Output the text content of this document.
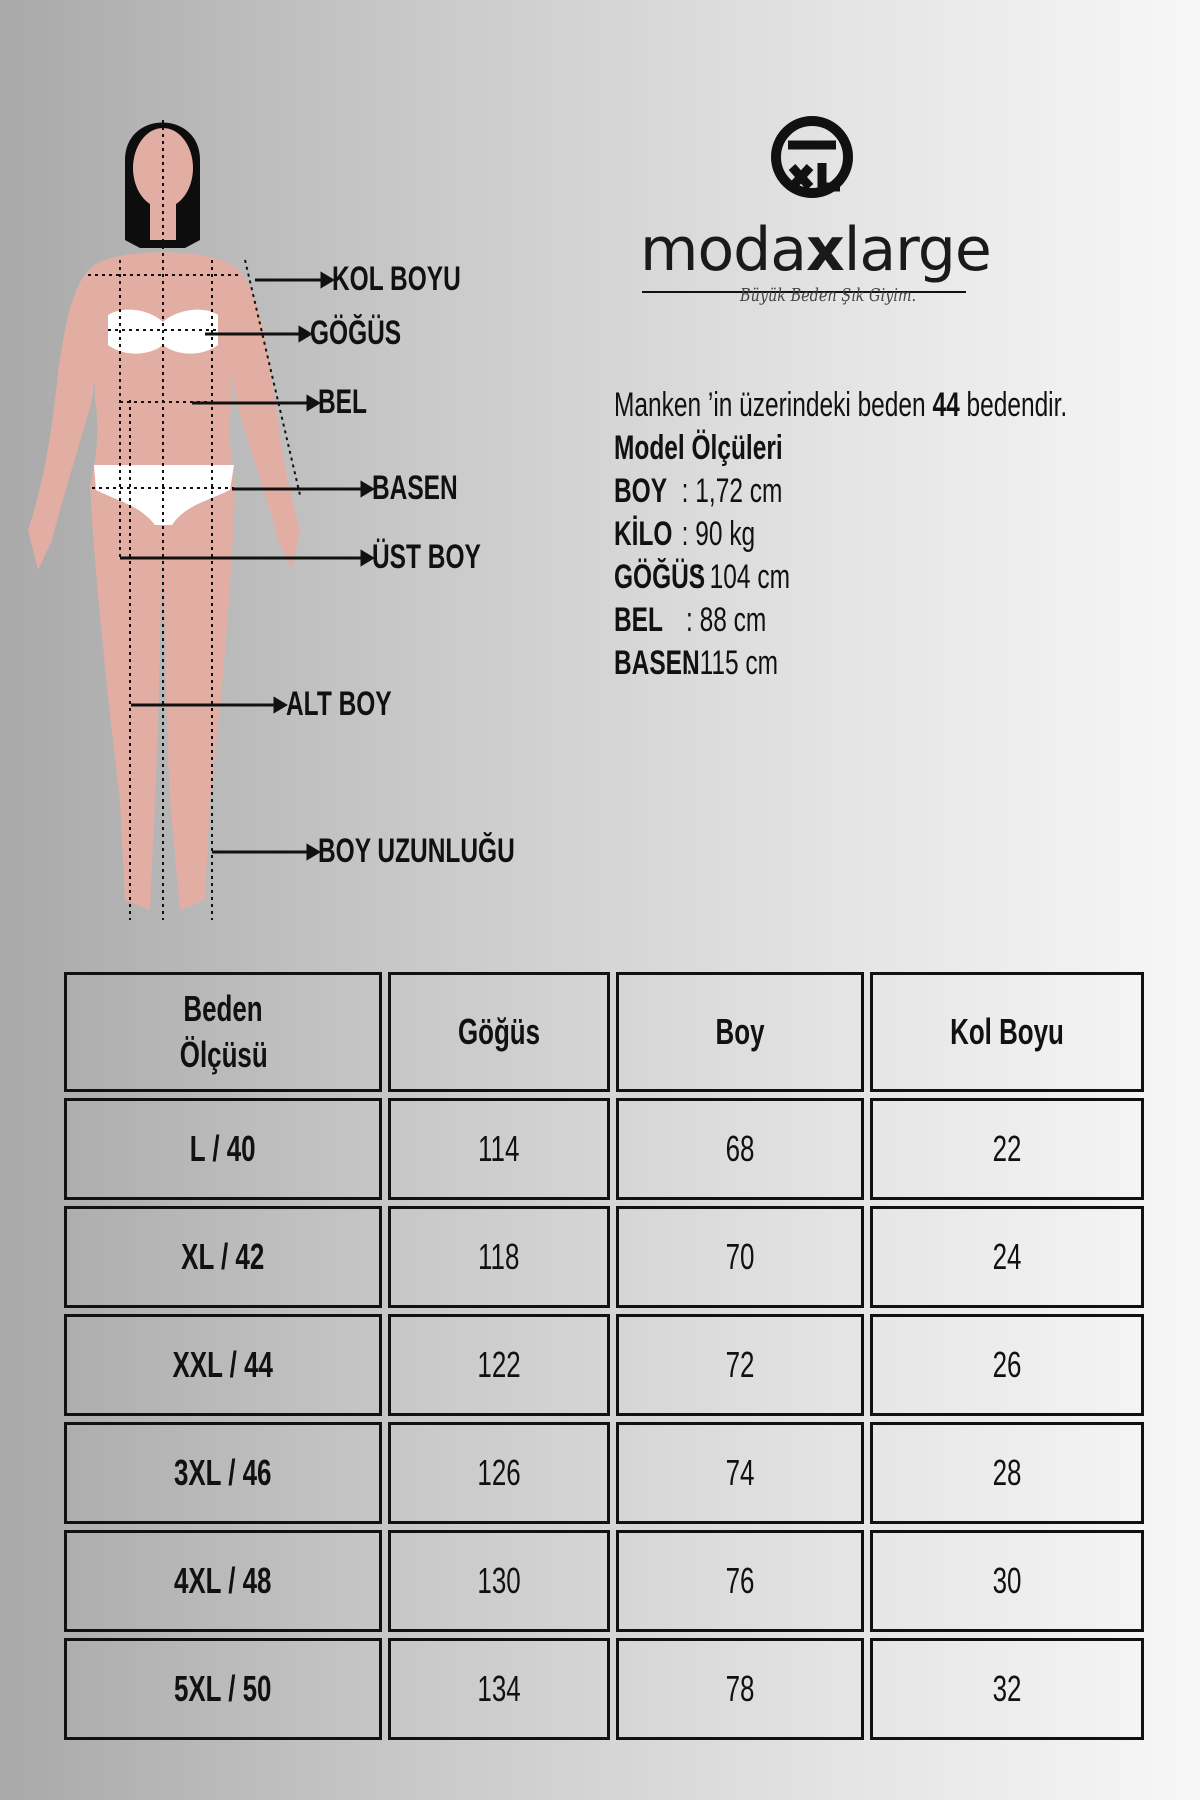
KOL BOYU
GÖĞÜS
BEL
BASEN
ÜST BOY
ALT BOY
BOY UZUNLUĞU
modaxlarge
Büyük Beden Şık Giyim.
Manken ’in üzerindeki beden 44 bedendir.
Model Ölçüleri
BOY : 1,72 cm
KİLO : 90 kg
GÖĞÜS: 104 cm
BEL : 88 cm
BASEN: 115 cm
Beden Ölçüsü	Göğüs	Boy	Kol Boyu
L / 40	114	68	22
XL / 42	118	70	24
XXL / 44	122	72	26
3XL / 46	126	74	28
4XL / 48	130	76	30
5XL / 50	134	78	32
